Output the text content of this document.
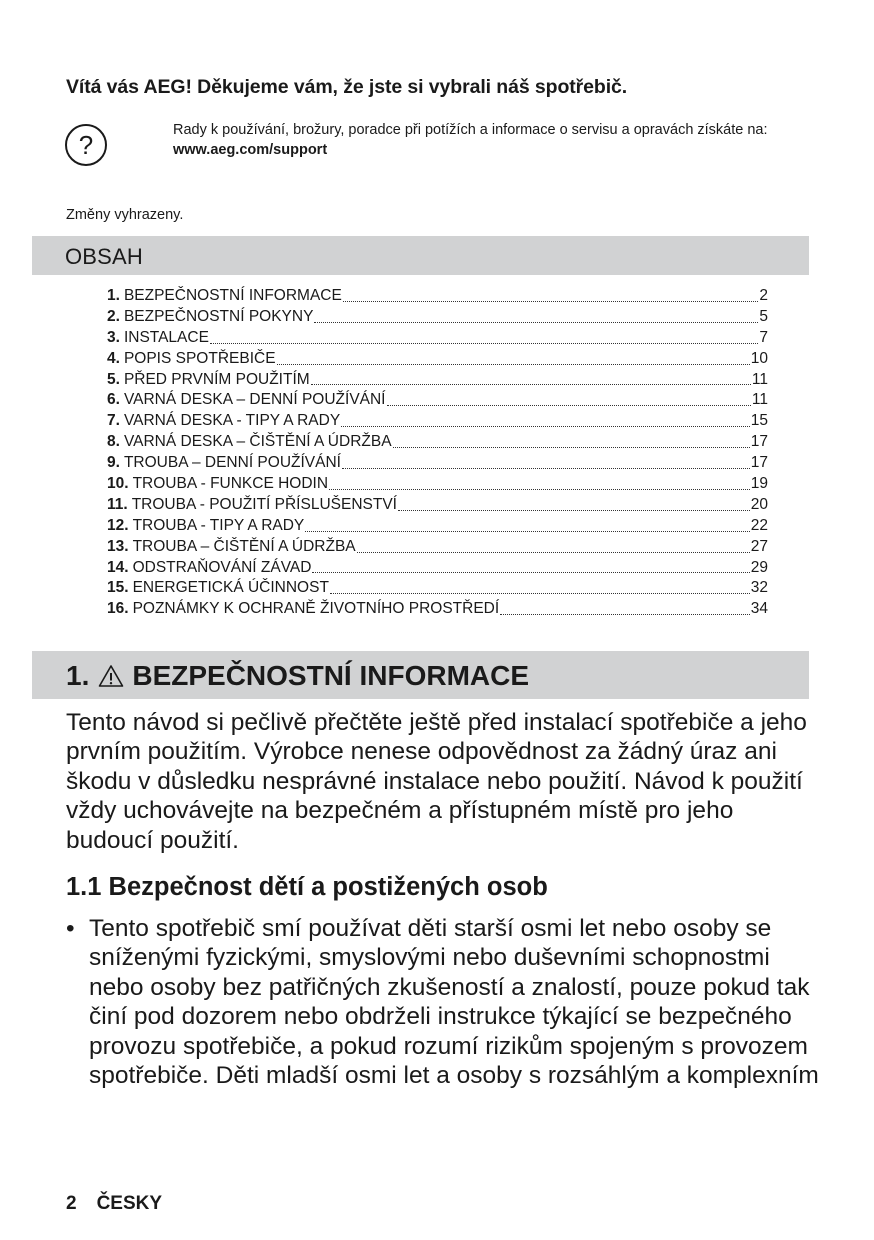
Vítá vás AEG! Děkujeme vám, že jste si vybrali náš spotřebič.
?	Rady k používání, brožury, poradce při potížích a informace o servisu a opravách získáte na:
www.aeg.com/support
Změny vyhrazeny.
OBSAH
1. BEZPEČNOSTNÍ INFORMACE	2
2. BEZPEČNOSTNÍ POKYNY	5
3. INSTALACE	7
4. POPIS SPOTŘEBIČE	10
5. PŘED PRVNÍM POUŽITÍM	11
6. VARNÁ DESKA – DENNÍ POUŽÍVÁNÍ	11
7. VARNÁ DESKA - TIPY A RADY	15
8. VARNÁ DESKA – ČIŠTĚNÍ A ÚDRŽBA	17
9. TROUBA – DENNÍ POUŽÍVÁNÍ	17
10. TROUBA - FUNKCE HODIN	19
11. TROUBA - POUŽITÍ PŘÍSLUŠENSTVÍ	20
12. TROUBA - TIPY A RADY	22
13. TROUBA – ČIŠTĚNÍ A ÚDRŽBA	27
14. ODSTRAŇOVÁNÍ ZÁVAD	29
15. ENERGETICKÁ ÚČINNOST	32
16. POZNÁMKY K OCHRANĚ ŽIVOTNÍHO PROSTŘEDÍ	34
1. BEZPEČNOSTNÍ INFORMACE
Tento návod si pečlivě přečtěte ještě před instalací spotřebiče a jeho prvním použitím. Výrobce nenese odpovědnost za žádný úraz ani škodu v důsledku nesprávné instalace nebo použití. Návod k použití vždy uchovávejte na bezpečném a přístupném místě pro jeho budoucí použití.
1.1 Bezpečnost dětí a postižených osob
• Tento spotřebič smí používat děti starší osmi let nebo osoby se sníženými fyzickými, smyslovými nebo duševními schopnostmi nebo osoby bez patřičných zkušeností a znalostí, pouze pokud tak činí pod dozorem nebo obdrželi instrukce týkající se bezpečného provozu spotřebiče, a pokud rozumí rizikům spojeným s provozem spotřebiče. Děti mladší osmi let a osoby s rozsáhlým a komplexním
2 ČESKY
